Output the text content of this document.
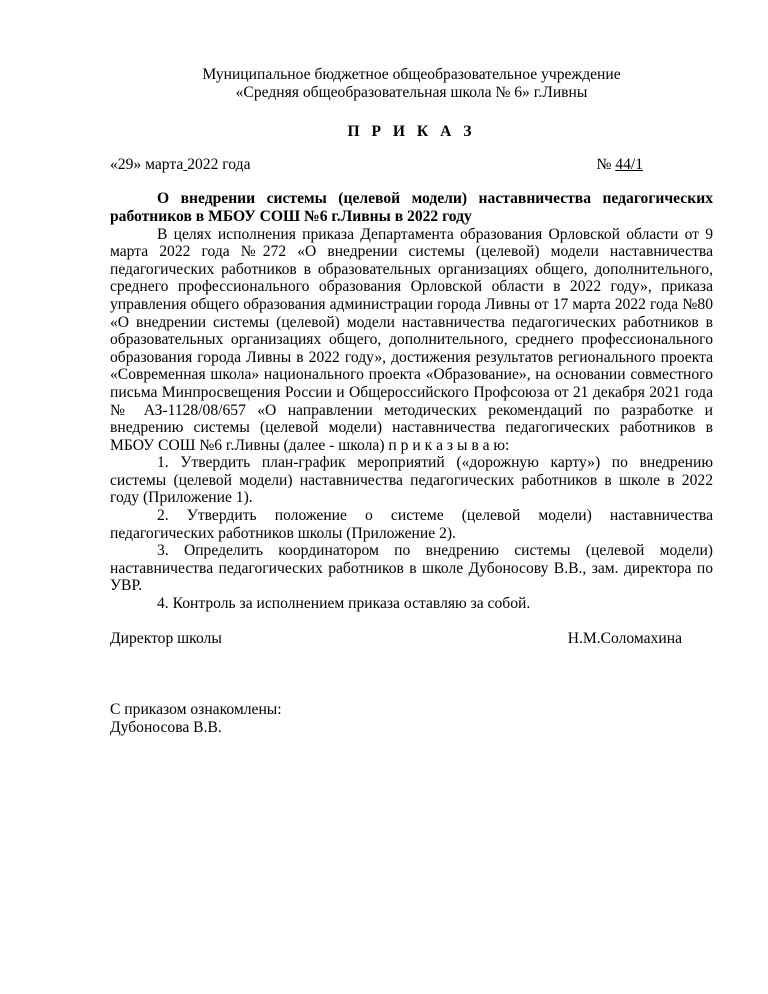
Муниципальное бюджетное общеобразовательное учреждение
«Средняя общеобразовательная школа № 6» г.Ливны
П Р И К А З
«29» марта 2022 года	№ 44/1
О внедрении системы (целевой модели) наставничества педагогических работников в МБОУ СОШ №6 г.Ливны в 2022 году

В целях исполнения приказа Департамента образования Орловской области от 9 марта 2022 года №272 «О внедрении системы (целевой) модели наставничества педагогических работников в образовательных организациях общего, дополнительного, среднего профессионального образования Орловской области в 2022 году», приказа управления общего образования администрации города Ливны от 17 марта 2022 года №80 «О внедрении системы (целевой) модели наставничества педагогических работников в образовательных организациях общего, дополнительного, среднего профессионального образования города Ливны в 2022 году», достижения результатов регионального проекта «Современная школа» национального проекта «Образование», на основании совместного письма Минпросвещения России и Общероссийского Профсоюза от 21 декабря 2021 года № АЗ-1128/08/657 «О направлении методических рекомендаций по разработке и внедрению системы (целевой модели) наставничества педагогических работников в МБОУ СОШ №6 г.Ливны (далее - школа) п р и к а з ы в а ю:

1. Утвердить план-график мероприятий («дорожную карту») по внедрению системы (целевой модели) наставничества педагогических работников в школе в 2022 году (Приложение 1).

2. Утвердить положение о системе (целевой модели) наставничества педагогических работников школы (Приложение 2).

3. Определить координатором по внедрению системы (целевой модели) наставничества педагогических работников в школе Дубоносову В.В., зам. директора по УВР.

4. Контроль за исполнением приказа оставляю за собой.

Директор школы	Н.М.Соломахина
С приказом ознакомлены:
Дубоносова В.В.
